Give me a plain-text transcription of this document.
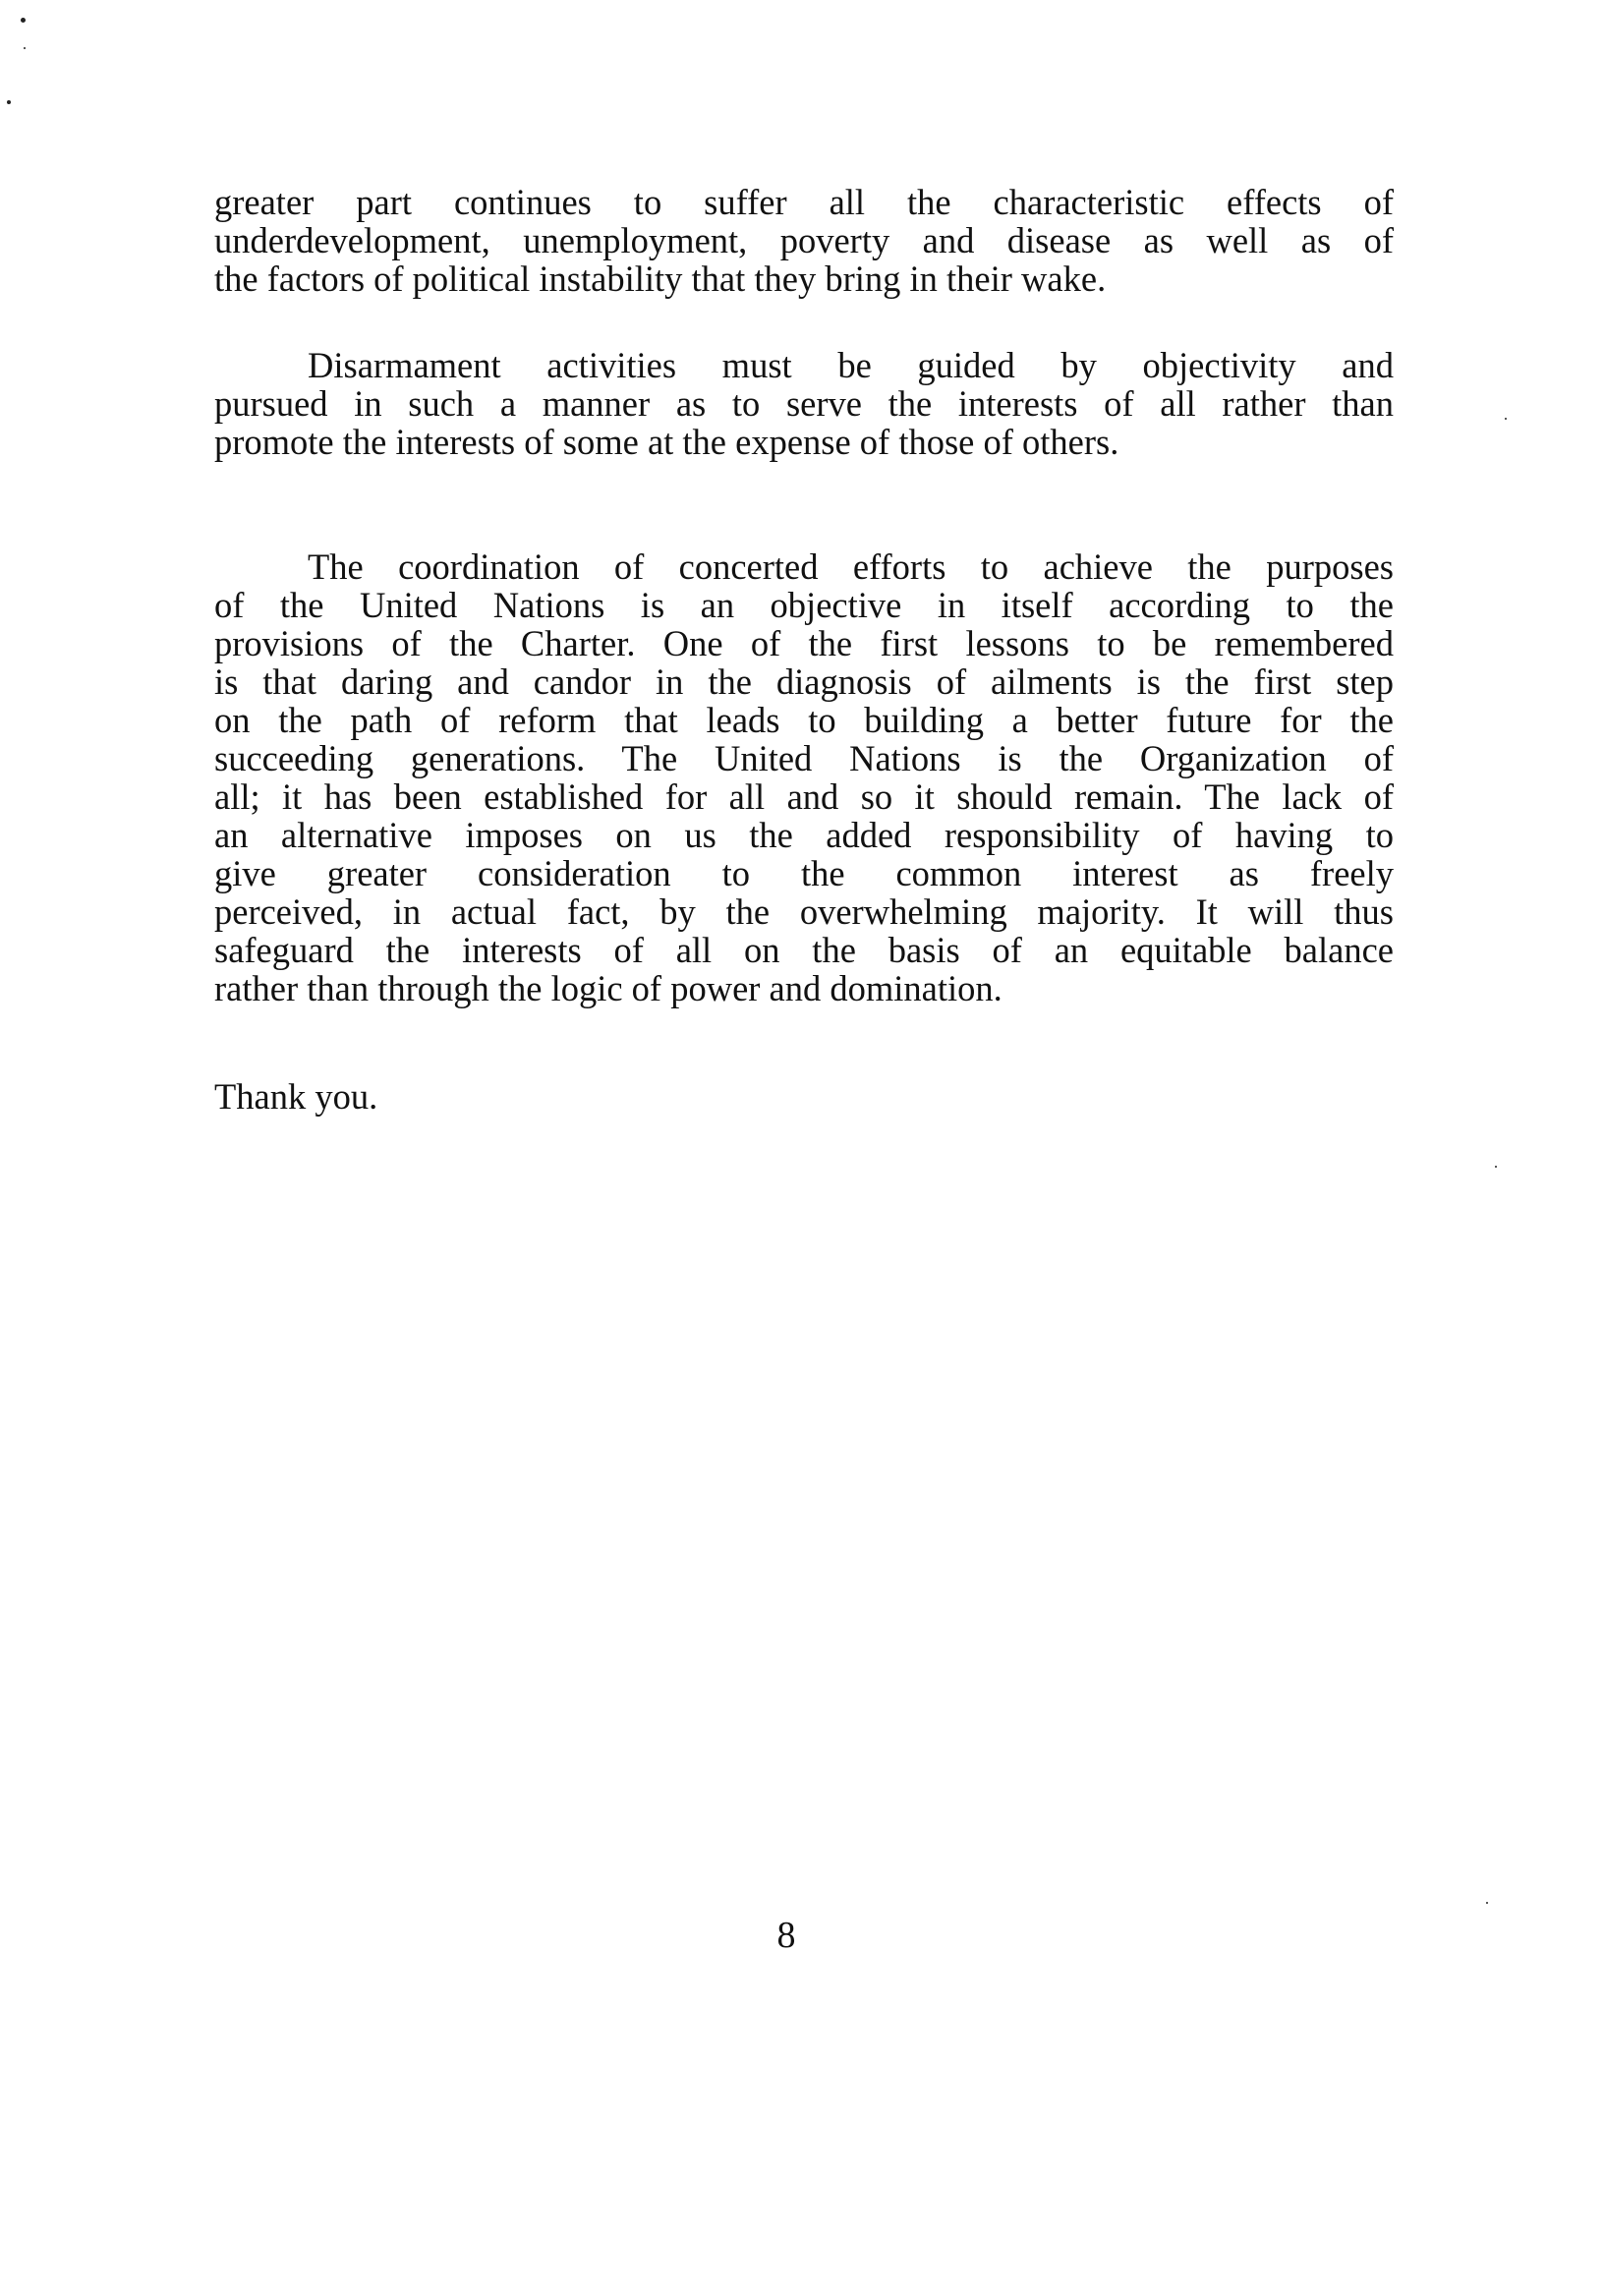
greater part continues to suffer all the characteristic effects of
underdevelopment, unemployment, poverty and disease as well as of
the factors of political instability that they bring in their wake.
Disarmament activities must be guided by objectivity and
pursued in such a manner as to serve the interests of all rather than
promote the interests of some at the expense of those of others.
The coordination of concerted efforts to achieve the purposes
of the United Nations is an objective in itself according to the
provisions of the Charter. One of the first lessons to be remembered
is that daring and candor in the diagnosis of ailments is the first step
on the path of reform that leads to building a better future for the
succeeding generations. The United Nations is the Organization of
all; it has been established for all and so it should remain. The lack of
an alternative imposes on us the added responsibility of having to
give greater consideration to the common interest as freely
perceived, in actual fact, by the overwhelming majority. It will thus
safeguard the interests of all on the basis of an equitable balance
rather than through the logic of power and domination.
Thank you.
8
